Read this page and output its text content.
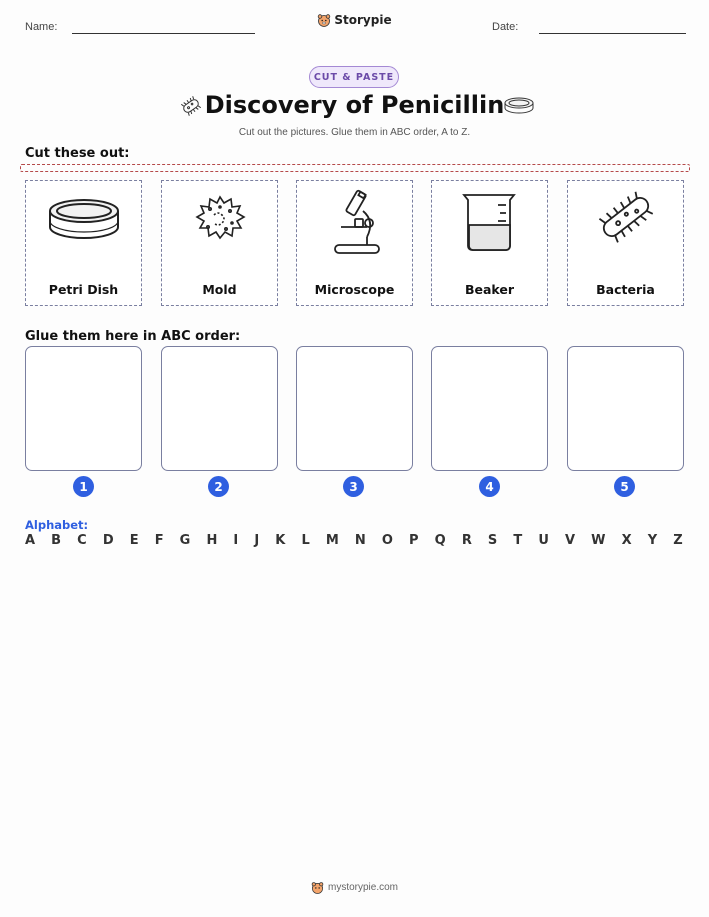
Name:	Storypie	Date:
CUT & PASTE
Discovery of Penicillin
Cut out the pictures. Glue them in ABC order, A to Z.
Cut these out:
Petri Dish	Mold	Microscope	Beaker	Bacteria
Glue them here in ABC order:
1	2	3	4	5
Alphabet:
A B C D E F G H I J K L M N O P Q R S T U V W X Y Z
mystorypie.com
